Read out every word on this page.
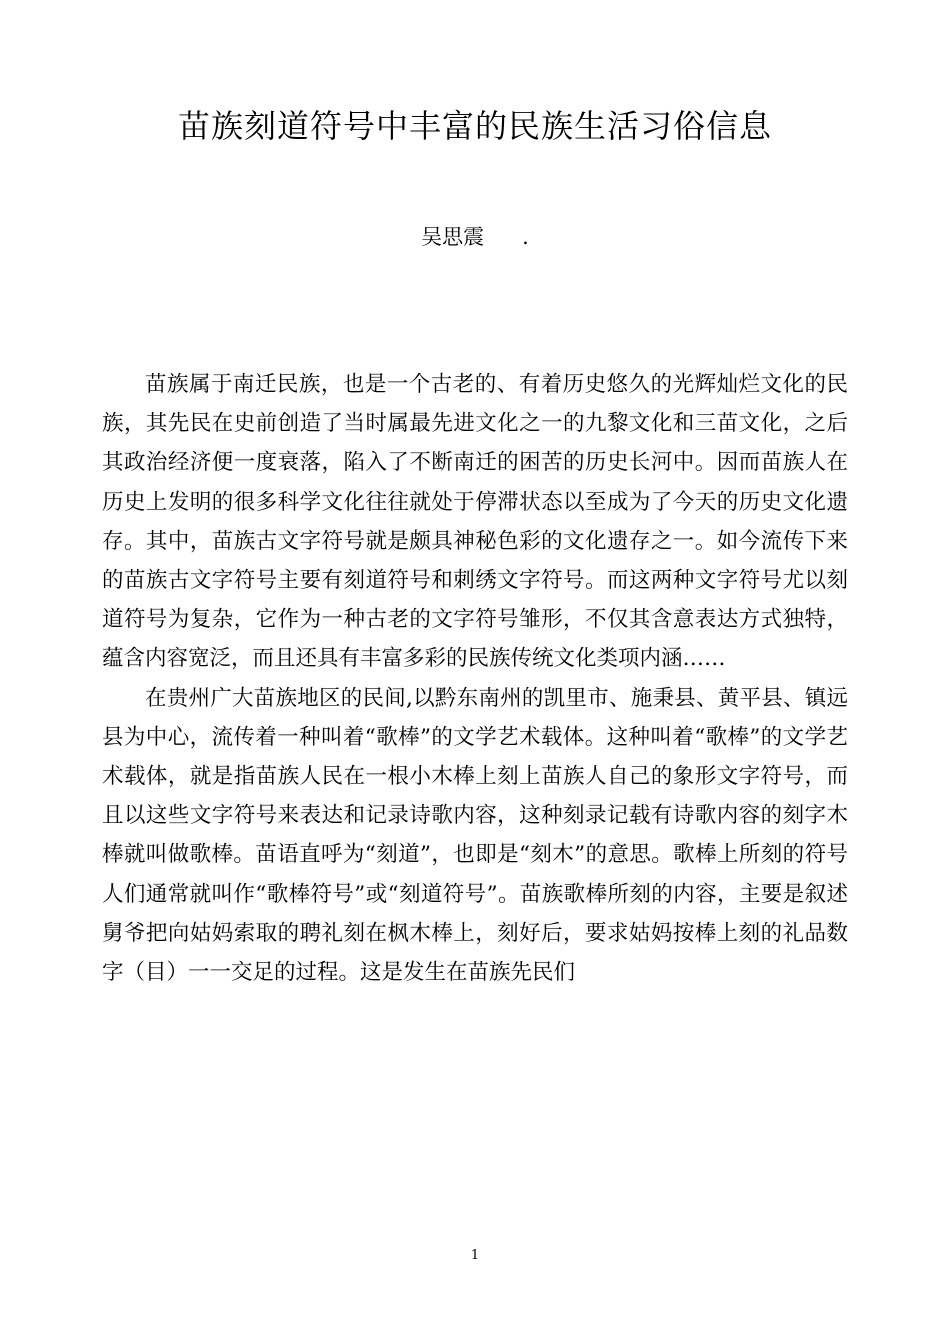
苗族刻道符号中丰富的民族生活习俗信息
吴思震 .

苗族属于南迁民族，也是一个古老的、有着历史悠久的光辉灿烂文化的民族，其先民在史前创造了当时属最先进文化之一的九黎文化和三苗文化，之后其政治经济便一度衰落，陷入了不断南迁的困苦的历史长河中。因而苗族人在历史上发明的很多科学文化往往就处于停滞状态以至成为了今天的历史文化遗存。其中，苗族古文字符号就是颇具神秘色彩的文化遗存之一。如今流传下来的苗族古文字符号主要有刻道符号和刺绣文字符号。而这两种文字符号尤以刻道符号为复杂，它作为一种古老的文字符号雏形，不仅其含意表达方式独特，蕴含内容宽泛，而且还具有丰富多彩的民族传统文化类项内涵……

在贵州广大苗族地区的民间,以黔东南州的凯里市、施秉县、黄平县、镇远县为中心，流传着一种叫着“歌棒”的文学艺术载体。这种叫着“歌棒”的文学艺术载体，就是指苗族人民在一根小木棒上刻上苗族人自己的象形文字符号，而且以这些文字符号来表达和记录诗歌内容，这种刻录记载有诗歌内容的刻字木棒就叫做歌棒。苗语直呼为“刻道”，也即是“刻木”的意思。歌棒上所刻的符号人们通常就叫作“歌棒符号”或“刻道符号”。苗族歌棒所刻的内容，主要是叙述舅爷把向姑妈索取的聘礼刻在枫木棒上，刻好后，要求姑妈按棒上刻的礼品数字（目）一一交足的过程。这是发生在苗族先民们

1
